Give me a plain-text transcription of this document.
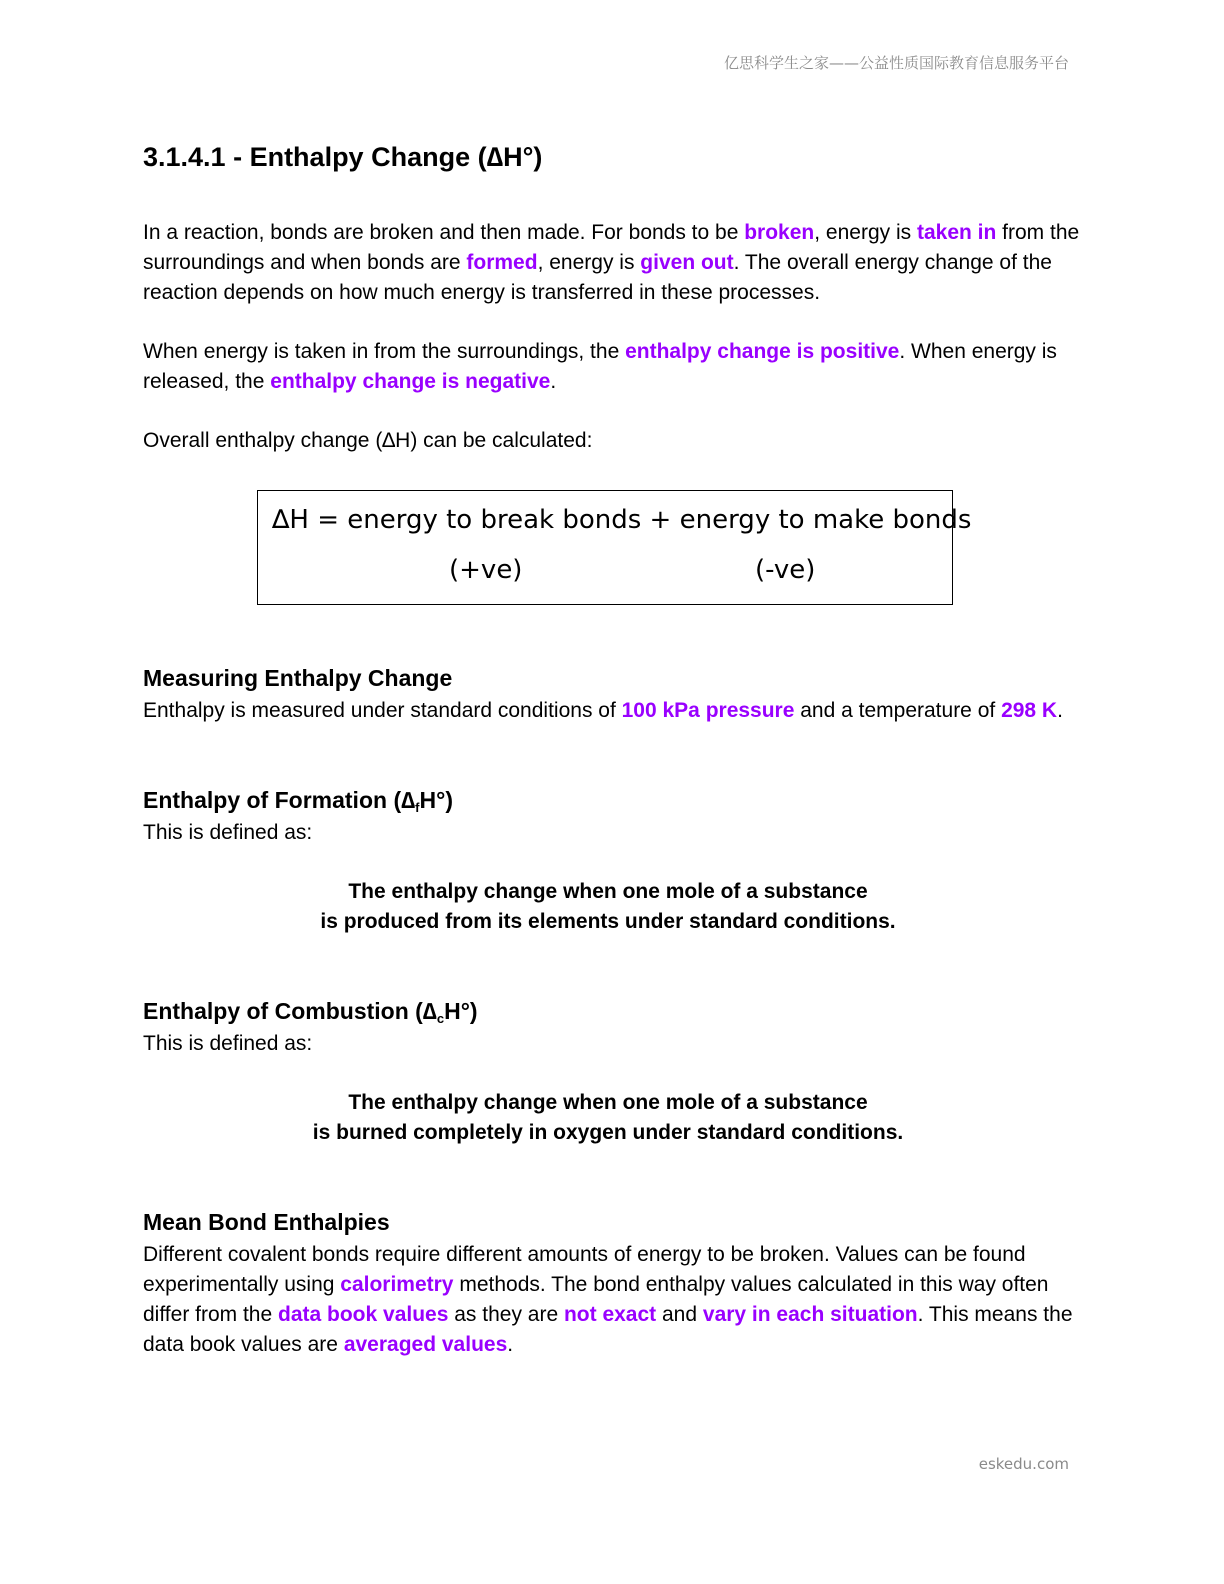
亿思科学生之家——公益性质国际教育信息服务平台
3.1.4.1 - Enthalpy Change (∆H°)

In a reaction, bonds are broken and then made. For bonds to be broken, energy is taken in from the surroundings and when bonds are formed, energy is given out. The overall energy change of the reaction depends on how much energy is transferred in these processes.

When energy is taken in from the surroundings, the enthalpy change is positive. When energy is released, the enthalpy change is negative.

Overall enthalpy change (∆H) can be calculated:

Measuring Enthalpy Change

Enthalpy is measured under standard conditions of 100 kPa pressure and a temperature of 298 K.

Enthalpy of Formation $(\Delta_fH^\circ)$

This is defined as:

The enthalpy change when one mole of a substance
is produced from its elements under standard conditions.

Enthalpy of Combustion $(\Delta_cH^\circ)$

This is defined as:

The enthalpy change when one mole of a substance
is burned completely in oxygen under standard conditions.

Mean Bond Enthalpies

Different covalent bonds require different amounts of energy to be broken. Values can be found experimentally using calorimetry methods. The bond enthalpy values calculated in this way often differ from the data book values as they are not exact and vary in each situation. This means the data book values are averaged values.

∆H = energy to break bonds + energy to make bonds
(+ve)	(-ve)
eskedu.com
